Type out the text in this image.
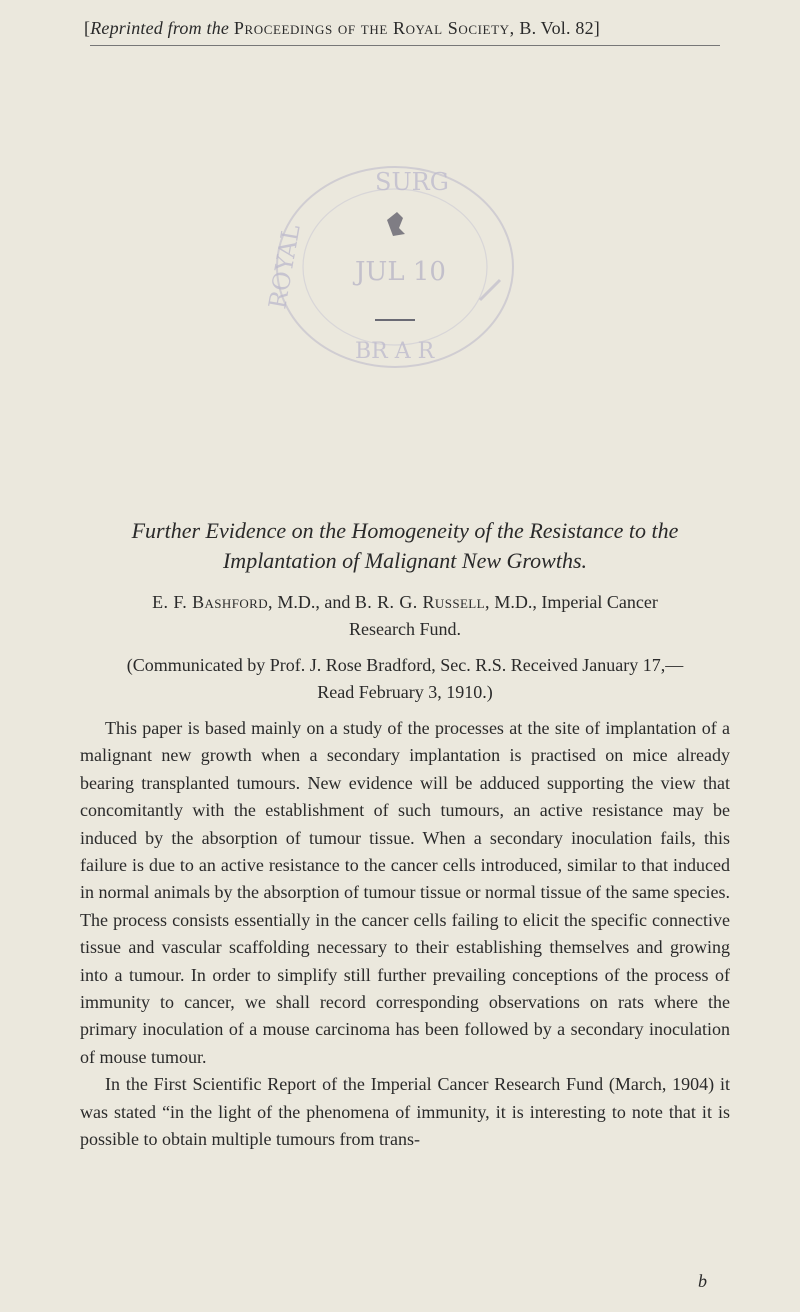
[Reprinted from the Proceedings of the Royal Society, B. Vol. 82]
SURG
ROYAL
BR A R
JUL 10
Further Evidence on the Homogeneity of the Resistance to the
Implantation of Malignant New Growths.
E. F. Bashford, M.D., and B. R. G. Russell, M.D., Imperial Cancer
Research Fund.
(Communicated by Prof. J. Rose Bradford, Sec. R.S. Received January 17,—
Read February 3, 1910.)

This paper is based mainly on a study of the processes at the site of implantation of a malignant new growth when a secondary implantation is practised on mice already bearing transplanted tumours. New evidence will be adduced supporting the view that concomitantly with the establishment of such tumours, an active resistance may be induced by the absorption of tumour tissue. When a secondary inoculation fails, this failure is due to an active resistance to the cancer cells introduced, similar to that induced in normal animals by the absorption of tumour tissue or normal tissue of the same species. The process consists essentially in the cancer cells failing to elicit the specific connective tissue and vascular scaffolding necessary to their establishing themselves and growing into a tumour. In order to simplify still further prevailing conceptions of the process of immunity to cancer, we shall record corresponding observations on rats where the primary inoculation of a mouse carcinoma has been followed by a secondary inoculation of mouse tumour.

In the First Scientific Report of the Imperial Cancer Research Fund (March, 1904) it was stated “in the light of the phenomena of immunity, it is interesting to note that it is possible to obtain multiple tumours from trans-

b
